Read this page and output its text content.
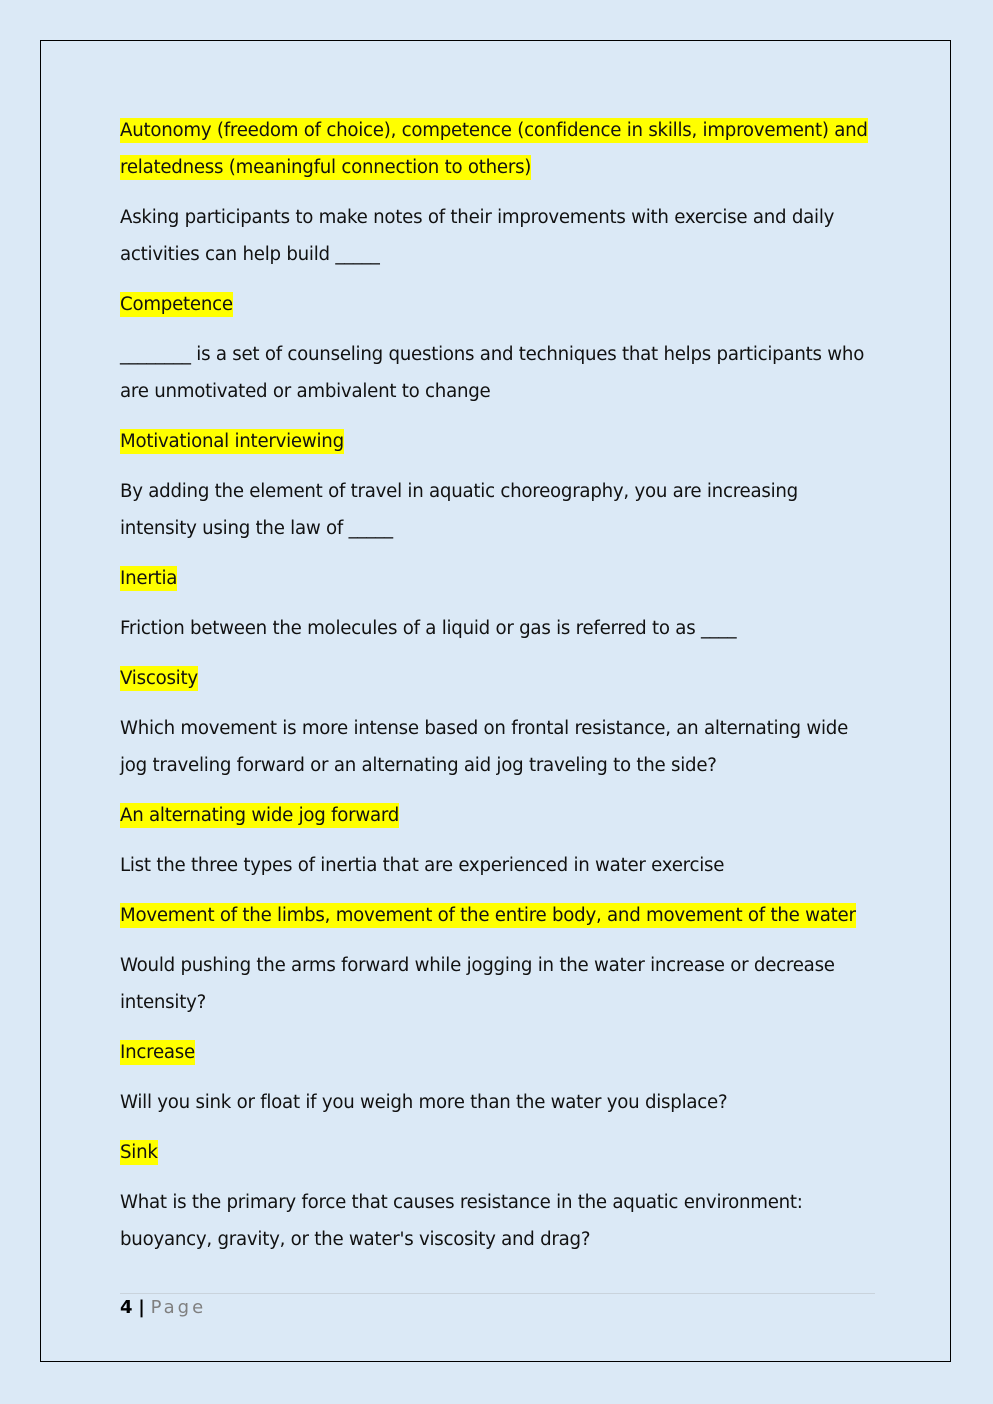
Autonomy (freedom of choice), competence (confidence in skills, improvement) and relatedness (meaningful connection to others)

Asking participants to make notes of their improvements with exercise and daily activities can help build _____

Competence

________ is a set of counseling questions and techniques that helps participants who are unmotivated or ambivalent to change

Motivational interviewing

By adding the element of travel in aquatic choreography, you are increasing intensity using the law of _____

Inertia

Friction between the molecules of a liquid or gas is referred to as ____

Viscosity

Which movement is more intense based on frontal resistance, an alternating wide jog traveling forward or an alternating aid jog traveling to the side?

An alternating wide jog forward

List the three types of inertia that are experienced in water exercise

Movement of the limbs, movement of the entire body, and movement of the water

Would pushing the arms forward while jogging in the water increase or decrease intensity?

Increase

Will you sink or float if you weigh more than the water you displace?

Sink

What is the primary force that causes resistance in the aquatic environment: buoyancy, gravity, or the water's viscosity and drag?

4 | Page
